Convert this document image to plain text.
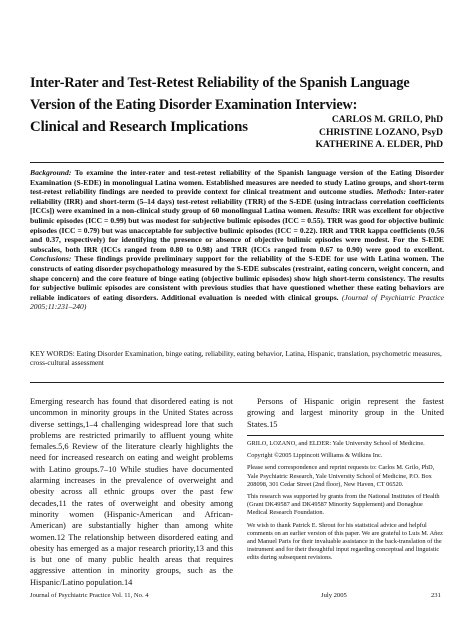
Inter-Rater and Test-Retest Reliability of the Spanish Language
Version of the Eating Disorder Examination Interview:
Clinical and Research Implications	CARLOS M. GRILO, PhD
CHRISTINE LOZANO, PsyD
KATHERINE A. ELDER, PhD
Background: To examine the inter-rater and test-retest reliability of the Spanish language version of the Eating Disorder Examination (S-EDE) in monolingual Latina women. Established measures are needed to study Latino groups, and short-term test-retest reliability findings are needed to provide context for clinical treatment and outcome studies. Methods: Inter-rater reliability (IRR) and short-term (5–14 days) test-retest reliability (TRR) of the S-EDE (using intraclass correlation coefficients [ICCs]) were examined in a non-clinical study group of 60 monolingual Latina women. Results: IRR was excellent for objective bulimic episodes (ICC = 0.99) but was modest for subjective bulimic episodes (ICC = 0.55). TRR was good for objective bulimic episodes (ICC = 0.79) but was unacceptable for subjective bulimic episodes (ICC = 0.22). IRR and TRR kappa coefficients (0.56 and 0.37, respectively) for identifying the presence or absence of objective bulimic episodes were modest. For the S-EDE subscales, both IRR (ICCs ranged from 0.80 to 0.98) and TRR (ICCs ranged from 0.67 to 0.90) were good to excellent. Conclusions: These findings provide preliminary support for the reliability of the S-EDE for use with Latina women. The constructs of eating disorder psychopathology measured by the S-EDE subscales (restraint, eating concern, weight concern, and shape concern) and the core feature of binge eating (objective bulimic episodes) show high short-term consistency. The results for subjective bulimic episodes are consistent with previous studies that have questioned whether these eating behaviors are reliable indicators of eating disorders. Additional evaluation is needed with clinical groups. (Journal of Psychiatric Practice 2005;11:231–240)
KEY WORDS: Eating Disorder Examination, binge eating, reliability, eating behavior, Latina, Hispanic, translation, psychometric measures, cross-cultural assessment
Emerging research has found that disordered eating is not uncommon in minority groups in the United States across diverse settings,1–4 challenging widespread lore that such problems are restricted primarily to affluent young white females.5,6 Review of the literature clearly highlights the need for increased research on eating and weight problems with Latino groups.7–10 While studies have documented alarming increases in the prevalence of overweight and obesity across all ethnic groups over the past few decades,11 the rates of overweight and obesity among minority women (Hispanic-American and African-American) are substantially higher than among white women.12 The relationship between disordered eating and obesity has emerged as a major research priority,13 and this is but one of many public health areas that requires aggressive attention in minority groups, such as the Hispanic/Latino population.14
Persons of Hispanic origin represent the fastest growing and largest minority group in the United States.15

GRILO, LOZANO, and ELDER: Yale University School of Medicine.

Copyright ©2005 Lippincott Williams & Wilkins Inc.

Please send correspondence and reprint requests to: Carlos M. Grilo, PhD, Yale Psychiatric Research, Yale University School of Medicine, P.O. Box 208098, 301 Cedar Street (2nd floor), New Haven, CT 06520.

This research was supported by grants from the National Institutes of Health (Grant DK49587 and DK49587 Minority Supplement) and Donaghue Medical Research Foundation.

We wish to thank Patrick E. Shrout for his statistical advice and helpful comments on an earlier version of this paper. We are grateful to Luis M. Añez and Manuel Paris for their invaluable assistance in the back-translation of the instrument and for their thoughtful input regarding conceptual and linguistic edits during subsequent revisions.

Journal of Psychiatric Practice Vol. 11, No. 4	July 2005	231
